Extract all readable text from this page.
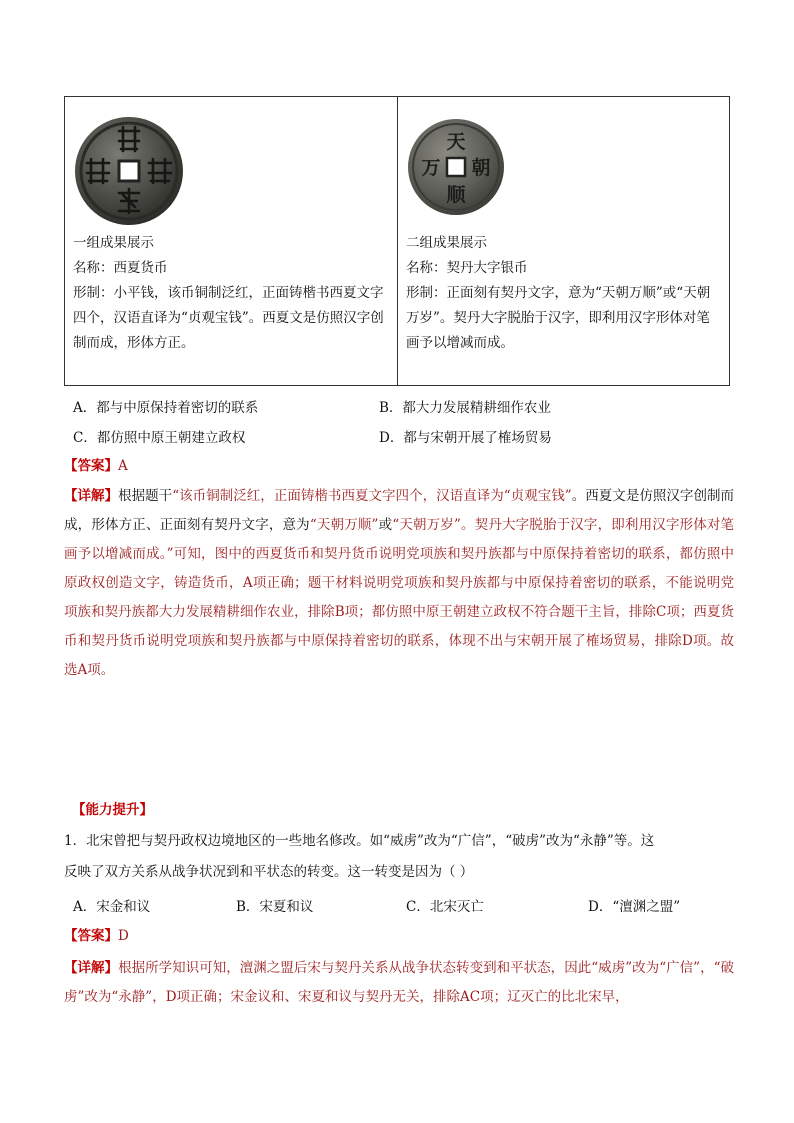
一组成果展示
名称：西夏货币
形制：小平钱，该币铜制泛红，正面铸楷书西夏文字四个，汉语直译为“贞观宝钱”。西夏文是仿照汉字创制而成，形体方正。
天
朝
万
顺
二组成果展示
名称：契丹大字银币
形制：正面刻有契丹文字，意为“天朝万顺”或“天朝万岁”。契丹大字脱胎于汉字，即利用汉字形体对笔画予以增减而成。
A．都与中原保持着密切的联系	B．都大力发展精耕细作农业
C．都仿照中原王朝建立政权	D．都与宋朝开展了榷场贸易
【答案】A
【详解】根据题干“该币铜制泛红，正面铸楷书西夏文字四个，汉语直译为“贞观宝钱”。西夏文是仿照汉字创制而成，形体方正、正面刻有契丹文字，意为“天朝万顺”或“天朝万岁”。契丹大字脱胎于汉字，即利用汉字形体对笔画予以增减而成。”可知，图中的西夏货币和契丹货币说明党项族和契丹族都与中原保持着密切的联系，都仿照中原政权创造文字，铸造货币，A项正确；题干材料说明党项族和契丹族都与中原保持着密切的联系，不能说明党项族和契丹族都大力发展精耕细作农业，排除B项；都仿照中原王朝建立政权不符合题干主旨，排除C项；西夏货币和契丹货币说明党项族和契丹族都与中原保持着密切的联系，体现不出与宋朝开展了榷场贸易，排除D项。故选A项。
【能力提升】
1．北宋曾把与契丹政权边境地区的一些地名修改。如“威虏”改为“广信”，“破虏”改为“永静”等。这
反映了双方关系从战争状况到和平状态的转变。这一转变是因为（ ）
A．宋金和议	B．宋夏和议	C．北宋灭亡	D．“澶渊之盟”
【答案】D
【详解】根据所学知识可知，澶渊之盟后宋与契丹关系从战争状态转变到和平状态，因此“威虏”改为“广信”，“破虏”改为“永静”，D项正确；宋金议和、宋夏和议与契丹无关，排除AC项；辽灭亡的比北宋早，
